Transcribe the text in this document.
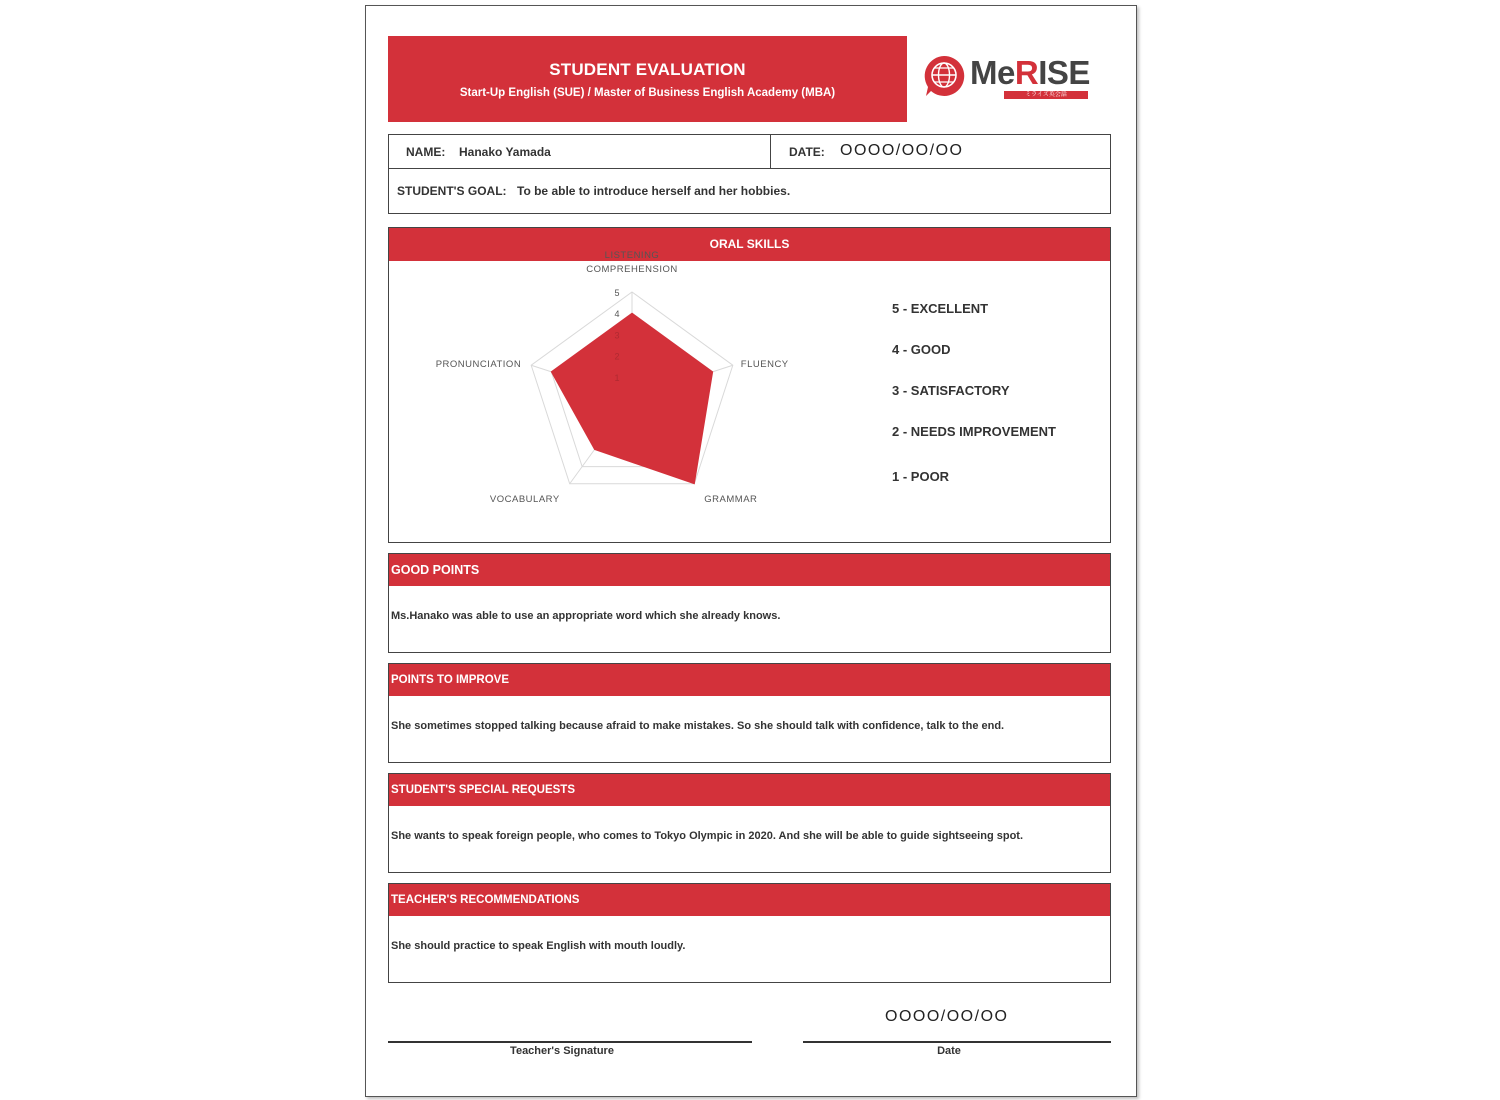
STUDENT EVALUATION
Start-Up English (SUE) / Master of Business English Academy (MBA)
MeRISE
ミライズ英会話
NAME: Hanako Yamada	DATE: OOOO/OO/OO
STUDENT'S GOAL: To be able to introduce herself and her hobbies.
ORAL SKILLS
1
2
3
4
5
LISTENING COMPREHENSION
FLUENCY
GRAMMAR
VOCABULARY
PRONUNCIATION
5 - EXCELLENT
4 - GOOD
3 - SATISFACTORY
2 - NEEDS IMPROVEMENT
1 - POOR
GOOD POINTS
Ms.Hanako was able to use an appropriate word which she already knows.
POINTS TO IMPROVE
She sometimes stopped talking because afraid to make mistakes. So she should talk with confidence, talk to the end.
STUDENT'S SPECIAL REQUESTS
She wants to speak foreign people, who comes to Tokyo Olympic in 2020. And she will be able to guide sightseeing spot.
TEACHER'S RECOMMENDATIONS
She should practice to speak English with mouth loudly.
OOOO/OO/OO
Teacher's Signature	Date
